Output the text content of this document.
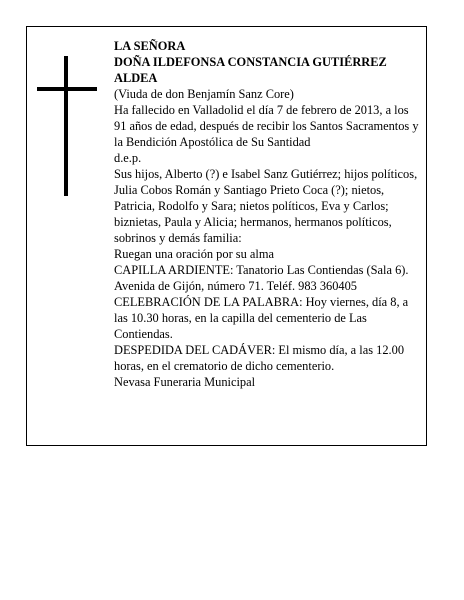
LA SEÑORA

DOÑA ILDEFONSA CONSTANCIA GUTIÉRREZ ALDEA

(Viuda de don Benjamín Sanz Core)

Ha fallecido en Valladolid el día 7 de febrero de 2013, a los 91 años de edad, después de recibir los Santos Sacramentos y la Bendición Apostólica de Su Santidad

d.e.p.

Sus hijos, Alberto (?) e Isabel Sanz Gutiérrez; hijos políticos, Julia Cobos Román y Santiago Prieto Coca (?); nietos, Patricia, Rodolfo y Sara; nietos políticos, Eva y Carlos; biznietas, Paula y Alicia; hermanos, hermanos políticos, sobrinos y demás familia:

Ruegan una oración por su alma

CAPILLA ARDIENTE: Tanatorio Las Contiendas (Sala 6). Avenida de Gijón, número 71. Teléf. 983 360405

CELEBRACIÓN DE LA PALABRA: Hoy viernes, día 8, a las 10.30 horas, en la capilla del cementerio de Las Contiendas.

DESPEDIDA DEL CADÁVER: El mismo día, a las 12.00 horas, en el crematorio de dicho cementerio.

Nevasa Funeraria Municipal
